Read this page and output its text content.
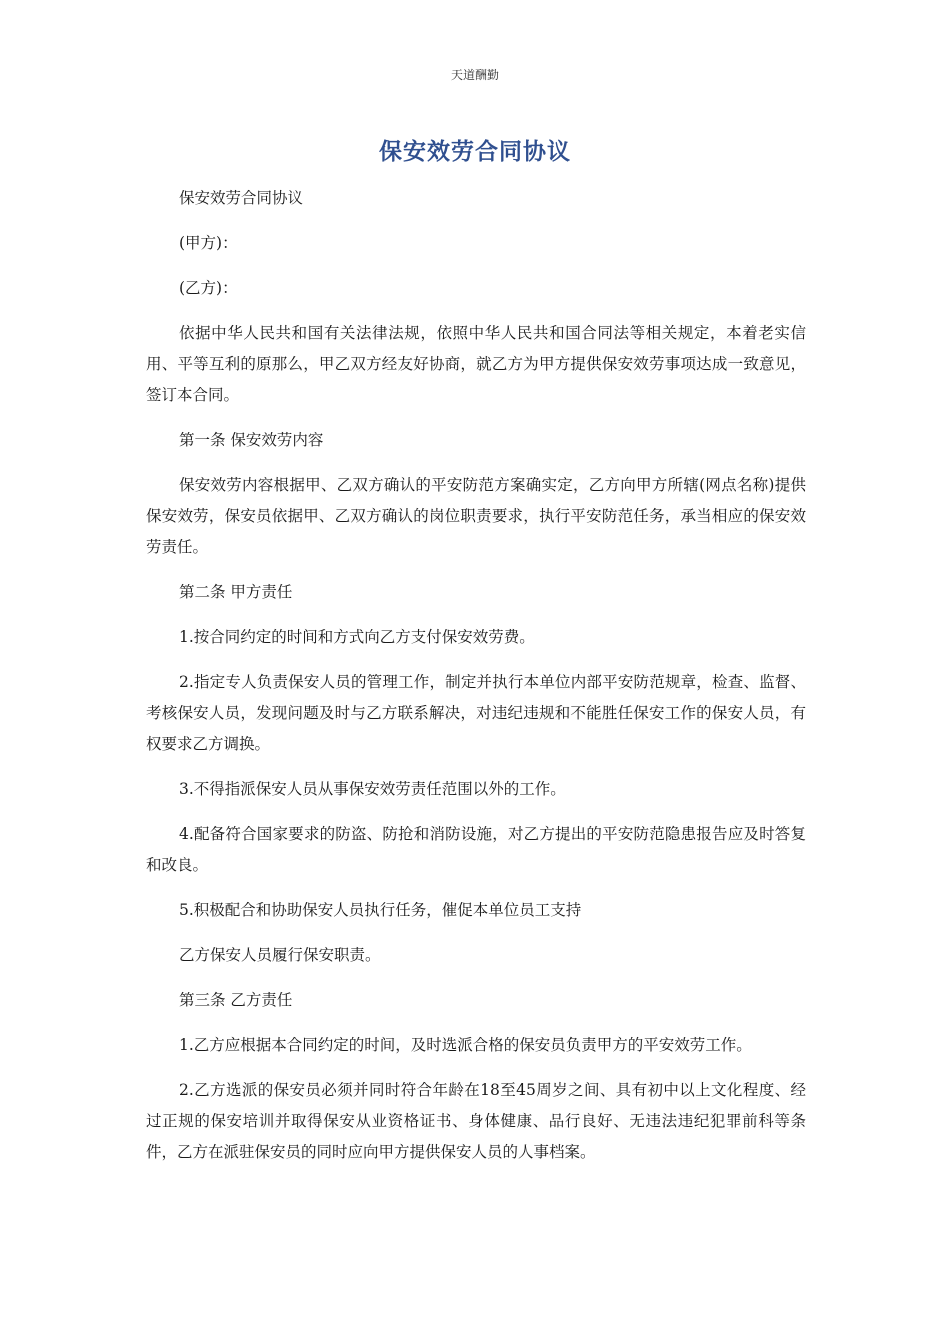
天道酬勤
保安效劳合同协议

保安效劳合同协议

(甲方)：

(乙方)：

依据中华人民共和国有关法律法规，依照中华人民共和国合同法等相关规定，本着老实信用、平等互利的原那么，甲乙双方经友好协商，就乙方为甲方提供保安效劳事项达成一致意见，签订本合同。

第一条 保安效劳内容

保安效劳内容根据甲、乙双方确认的平安防范方案确实定，乙方向甲方所辖(网点名称)提供保安效劳，保安员依据甲、乙双方确认的岗位职责要求，执行平安防范任务，承当相应的保安效劳责任。

第二条 甲方责任

1.按合同约定的时间和方式向乙方支付保安效劳费。

2.指定专人负责保安人员的管理工作，制定并执行本单位内部平安防范规章，检查、监督、考核保安人员，发现问题及时与乙方联系解决，对违纪违规和不能胜任保安工作的保安人员，有权要求乙方调换。

3.不得指派保安人员从事保安效劳责任范围以外的工作。

4.配备符合国家要求的防盗、防抢和消防设施，对乙方提出的平安防范隐患报告应及时答复和改良。

5.积极配合和协助保安人员执行任务，催促本单位员工支持

乙方保安人员履行保安职责。

第三条 乙方责任

1.乙方应根据本合同约定的时间，及时选派合格的保安员负责甲方的平安效劳工作。

2.乙方选派的保安员必须并同时符合年龄在18至45周岁之间、具有初中以上文化程度、经过正规的保安培训并取得保安从业资格证书、身体健康、品行良好、无违法违纪犯罪前科等条件，乙方在派驻保安员的同时应向甲方提供保安人员的人事档案。
